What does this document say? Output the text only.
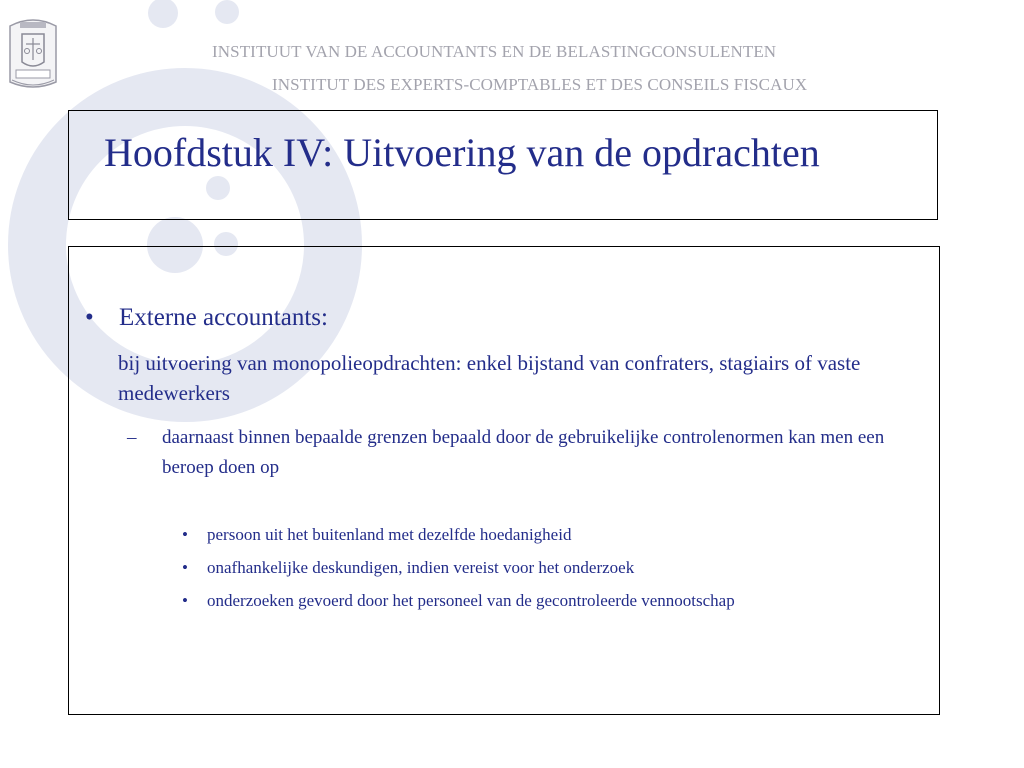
INSTITUUT VAN DE ACCOUNTANTS EN DE BELASTINGCONSULENTEN
INSTITUT DES EXPERTS-COMPTABLES ET DES CONSEILS FISCAUX
Hoofdstuk IV: Uitvoering van de opdrachten
• Externe accountants:
bij uitvoering van monopolieopdrachten: enkel bijstand van confraters, stagiairs of vaste medewerkers
– daarnaast binnen bepaalde grenzen bepaald door de gebruikelijke controlenormen kan men een beroep doen op
• persoon uit het buitenland met dezelfde hoedanigheid
• onafhankelijke deskundigen, indien vereist voor het onderzoek
• onderzoeken gevoerd door het personeel van de gecontroleerde vennootschap
